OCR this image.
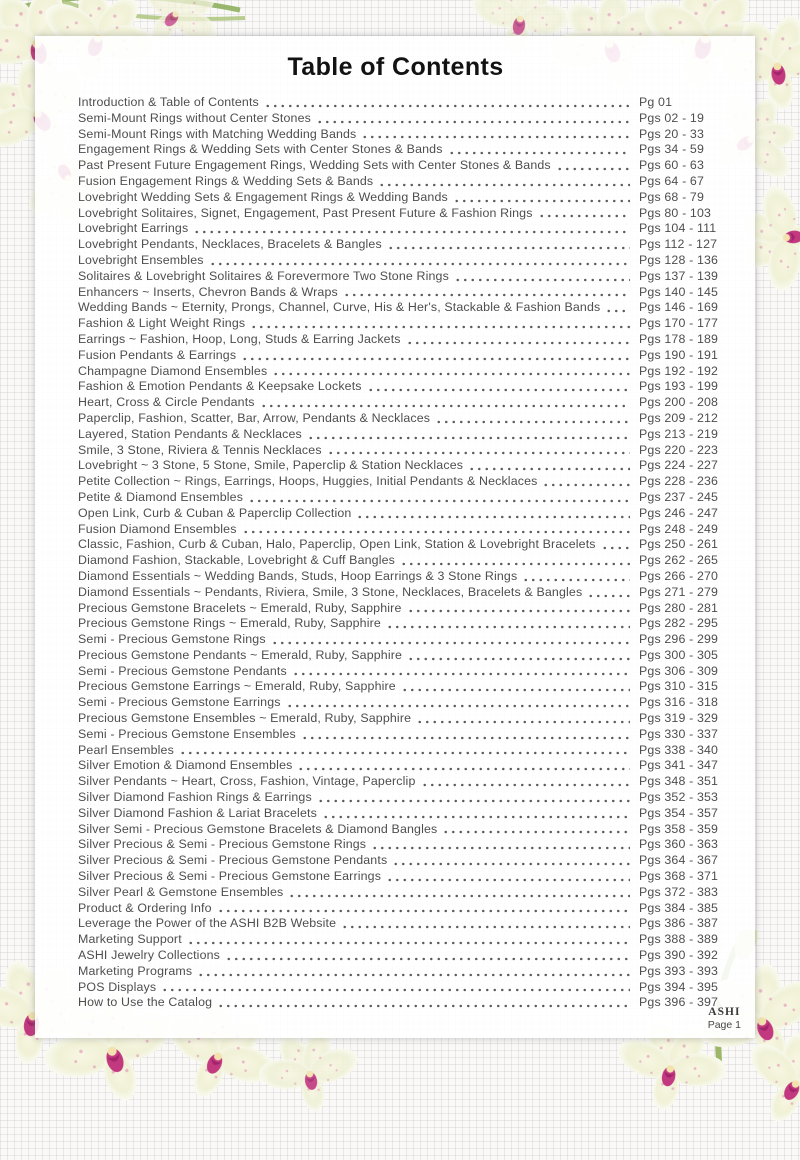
Table of Contents
Introduction & Table of Contents	Pg 01
Semi-Mount Rings without Center Stones	Pgs 02 - 19
Semi-Mount Rings with Matching Wedding Bands	Pgs 20 - 33
Engagement Rings & Wedding Sets with Center Stones & Bands	Pgs 34 - 59
Past Present Future Engagement Rings, Wedding Sets with Center Stones & Bands	Pgs 60 - 63
Fusion Engagement Rings & Wedding Sets & Bands	Pgs 64 - 67
Lovebright Wedding Sets & Engagement Rings & Wedding Bands	Pgs 68 - 79
Lovebright Solitaires, Signet, Engagement, Past Present Future & Fashion Rings	Pgs 80 - 103
Lovebright Earrings	Pgs 104 - 111
Lovebright Pendants, Necklaces, Bracelets & Bangles	Pgs 112 - 127
Lovebright Ensembles	Pgs 128 - 136
Solitaires & Lovebright Solitaires & Forevermore Two Stone Rings	Pgs 137 - 139
Enhancers ~ Inserts, Chevron Bands & Wraps	Pgs 140 - 145
Wedding Bands ~ Eternity, Prongs, Channel, Curve, His & Her's, Stackable & Fashion Bands	Pgs 146 - 169
Fashion & Light Weight Rings	Pgs 170 - 177
Earrings ~ Fashion, Hoop, Long, Studs & Earring Jackets	Pgs 178 - 189
Fusion Pendants & Earrings	Pgs 190 - 191
Champagne Diamond Ensembles	Pgs 192 - 192
Fashion & Emotion Pendants & Keepsake Lockets	Pgs 193 - 199
Heart, Cross & Circle Pendants	Pgs 200 - 208
Paperclip, Fashion, Scatter, Bar, Arrow, Pendants & Necklaces	Pgs 209 - 212
Layered, Station Pendants & Necklaces	Pgs 213 - 219
Smile, 3 Stone, Riviera & Tennis Necklaces	Pgs 220 - 223
Lovebright ~ 3 Stone, 5 Stone, Smile, Paperclip & Station Necklaces	Pgs 224 - 227
Petite Collection ~ Rings, Earrings, Hoops, Huggies, Initial Pendants & Necklaces	Pgs 228 - 236
Petite & Diamond Ensembles	Pgs 237 - 245
Open Link, Curb & Cuban & Paperclip Collection	Pgs 246 - 247
Fusion Diamond Ensembles	Pgs 248 - 249
Classic, Fashion, Curb & Cuban, Halo, Paperclip, Open Link, Station & Lovebright Bracelets	Pgs 250 - 261
Diamond Fashion, Stackable, Lovebright & Cuff Bangles	Pgs 262 - 265
Diamond Essentials ~ Wedding Bands, Studs, Hoop Earrings & 3 Stone Rings	Pgs 266 - 270
Diamond Essentials ~ Pendants, Riviera, Smile, 3 Stone, Necklaces, Bracelets & Bangles	Pgs 271 - 279
Precious Gemstone Bracelets ~ Emerald, Ruby, Sapphire	Pgs 280 - 281
Precious Gemstone Rings ~ Emerald, Ruby, Sapphire	Pgs 282 - 295
Semi - Precious Gemstone Rings	Pgs 296 - 299
Precious Gemstone Pendants ~ Emerald, Ruby, Sapphire	Pgs 300 - 305
Semi - Precious Gemstone Pendants	Pgs 306 - 309
Precious Gemstone Earrings ~ Emerald, Ruby, Sapphire	Pgs 310 - 315
Semi - Precious Gemstone Earrings	Pgs 316 - 318
Precious Gemstone Ensembles ~ Emerald, Ruby, Sapphire	Pgs 319 - 329
Semi - Precious Gemstone Ensembles	Pgs 330 - 337
Pearl Ensembles	Pgs 338 - 340
Silver Emotion & Diamond Ensembles	Pgs 341 - 347
Silver Pendants ~ Heart, Cross, Fashion, Vintage, Paperclip	Pgs 348 - 351
Silver Diamond Fashion Rings & Earrings	Pgs 352 - 353
Silver Diamond Fashion & Lariat Bracelets	Pgs 354 - 357
Silver Semi - Precious Gemstone Bracelets & Diamond Bangles	Pgs 358 - 359
Silver Precious & Semi - Precious Gemstone Rings	Pgs 360 - 363
Silver Precious & Semi - Precious Gemstone Pendants	Pgs 364 - 367
Silver Precious & Semi - Precious Gemstone Earrings	Pgs 368 - 371
Silver Pearl & Gemstone Ensembles	Pgs 372 - 383
Product & Ordering Info	Pgs 384 - 385
Leverage the Power of the ASHI B2B Website	Pgs 386 - 387
Marketing Support	Pgs 388 - 389
ASHI Jewelry Collections	Pgs 390 - 392
Marketing Programs	Pgs 393 - 393
POS Displays	Pgs 394 - 395
How to Use the Catalog	Pgs 396 - 397
ASHI
Page 1
